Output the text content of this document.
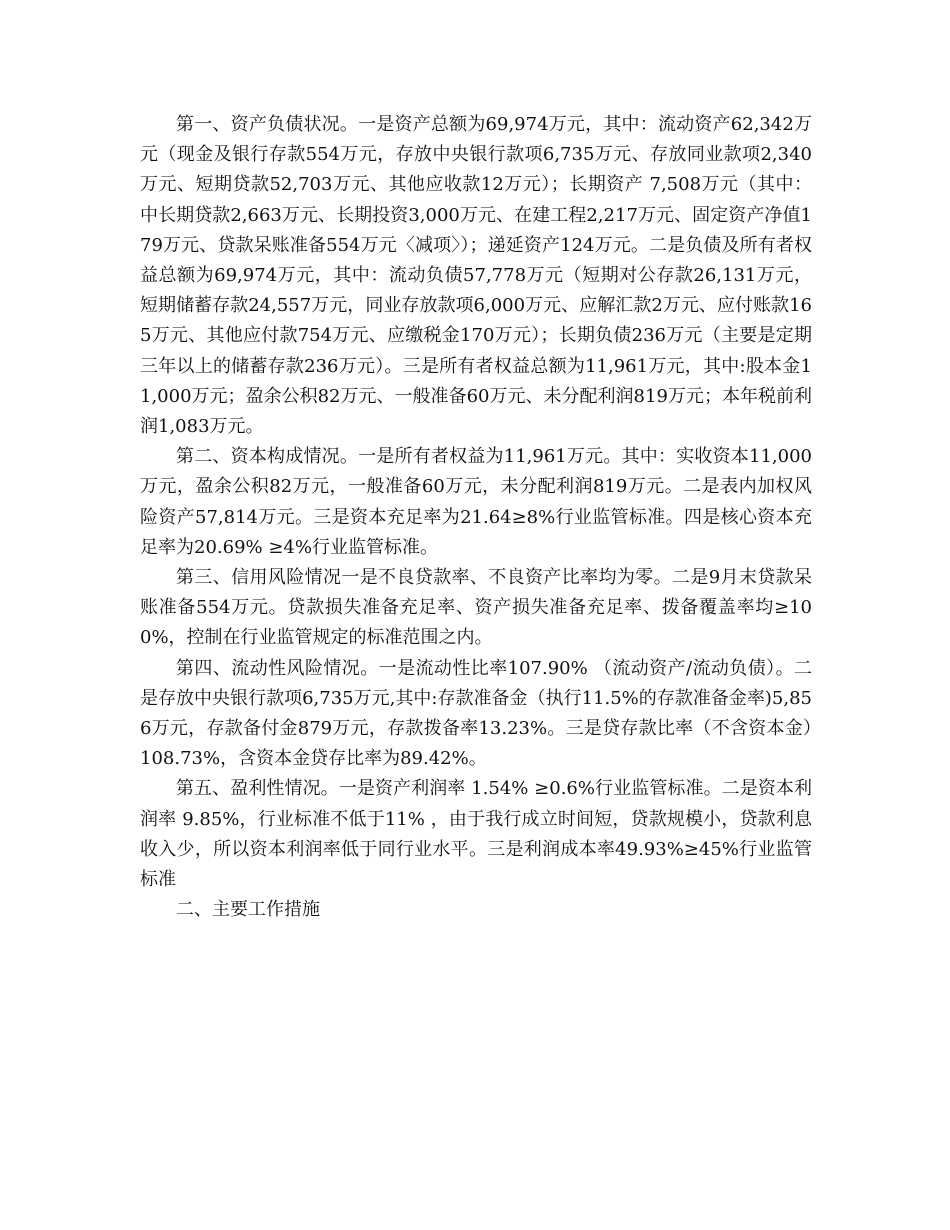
第一、资产负债状况。一是资产总额为69,974万元，其中：流动资产62,342万元（现金及银行存款554万元，存放中央银行款项6,735万元、存放同业款项2,340万元、短期贷款52,703万元、其他应收款12万元）；长期资产 7,508万元（其中：中长期贷款2,663万元、长期投资3,000万元、在建工程2,217万元、固定资产净值179万元、贷款呆账准备554万元〈减项〉）；递延资产124万元。二是负债及所有者权益总额为69,974万元，其中：流动负债57,778万元（短期对公存款26,131万元，短期储蓄存款24,557万元，同业存放款项6,000万元、应解汇款2万元、应付账款165万元、其他应付款754万元、应缴税金170万元）；长期负债236万元（主要是定期三年以上的储蓄存款236万元）。三是所有者权益总额为11,961万元，其中:股本金11,000万元；盈余公积82万元、一般准备60万元、未分配利润819万元；本年税前利润1,083万元。

第二、资本构成情况。一是所有者权益为11,961万元。其中：实收资本11,000万元，盈余公积82万元，一般准备60万元，未分配利润819万元。二是表内加权风险资产57,814万元。三是资本充足率为21.64≥8%行业监管标准。四是核心资本充足率为20.69% ≥4%行业监管标准。

第三、信用风险情况一是不良贷款率、不良资产比率均为零。二是9月末贷款呆账准备554万元。贷款损失准备充足率、资产损失准备充足率、拨备覆盖率均≥100%，控制在行业监管规定的标准范围之内。

第四、流动性风险情况。一是流动性比率107.90% （流动资产/流动负债）。二是存放中央银行款项6,735万元,其中:存款准备金（执行11.5%的存款准备金率)5,856万元，存款备付金879万元，存款拨备率13.23%。三是贷存款比率（不含资本金）108.73%，含资本金贷存比率为89.42%。

第五、盈利性情况。一是资产利润率 1.54% ≥0.6%行业监管标准。二是资本利润率 9.85%，行业标准不低于11% ，由于我行成立时间短，贷款规模小，贷款利息收入少，所以资本利润率低于同行业水平。三是利润成本率49.93%≥45%行业监管标准

二、主要工作措施
